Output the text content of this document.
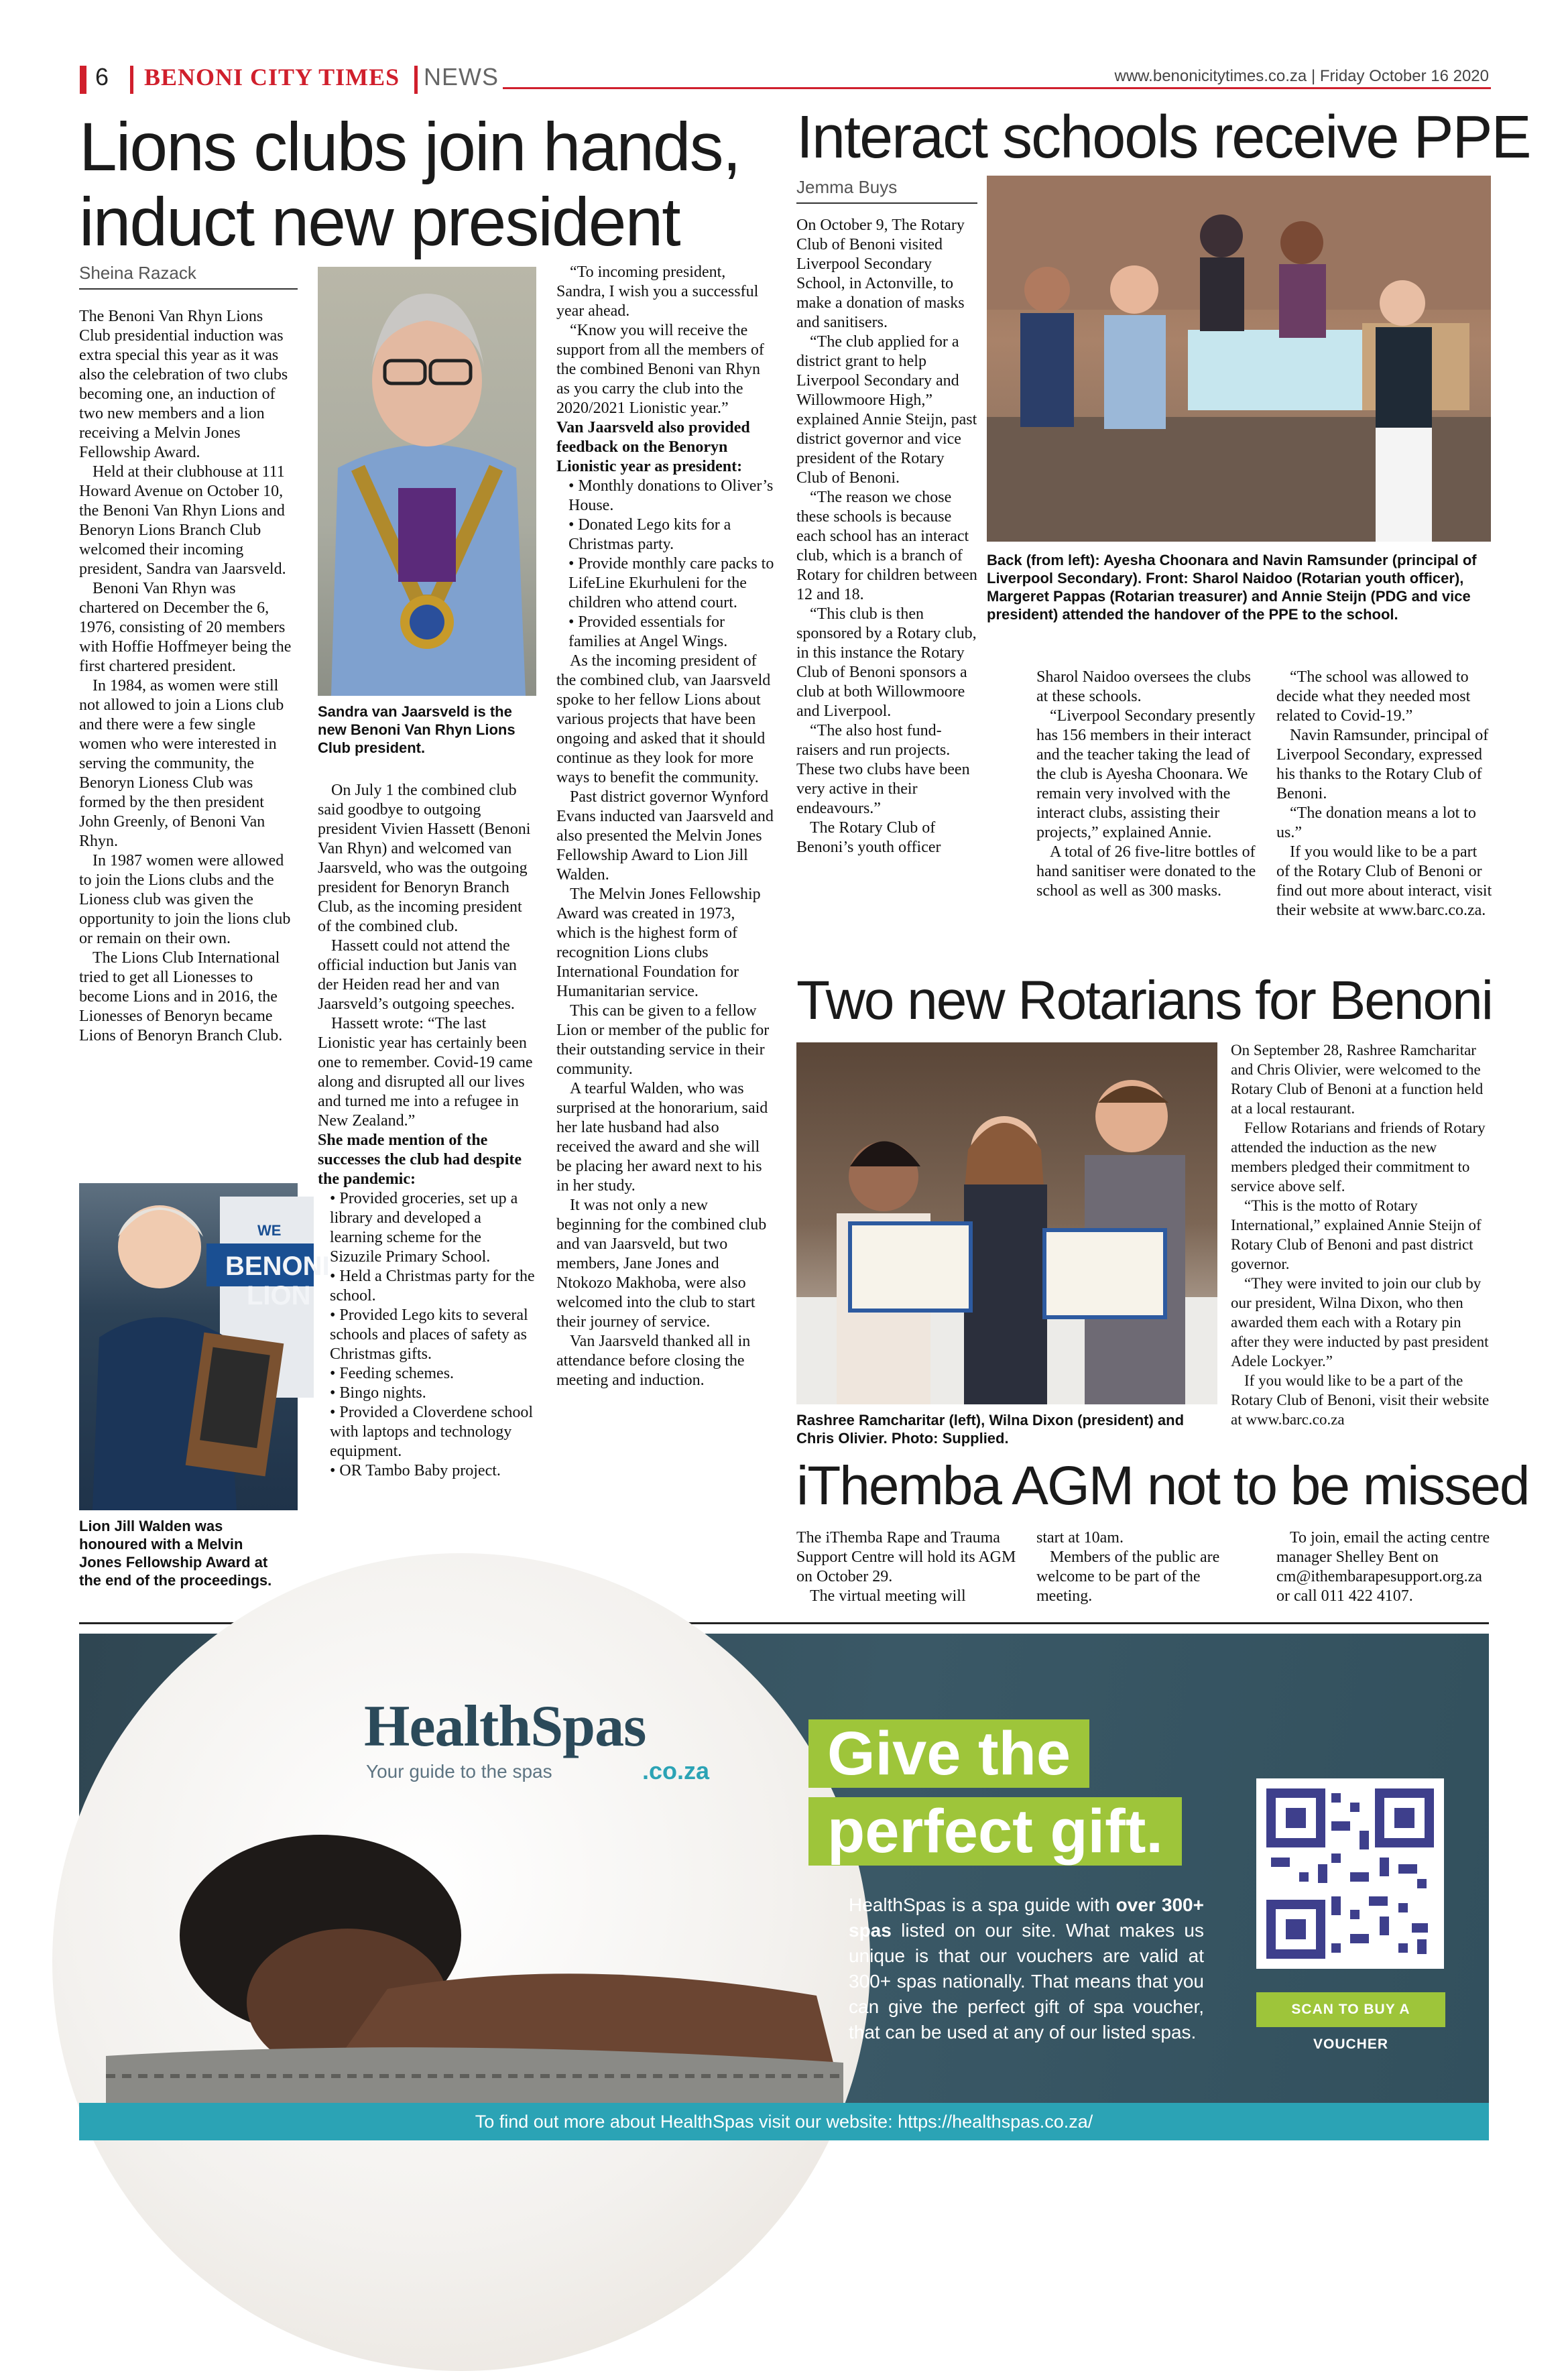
6 BENONI CITY TIMES NEWS	www.benonicitytimes.co.za | Friday October 16 2020
Lions clubs join hands,
induct new president
Sheina Razack

The Benoni Van Rhyn Lions Club presidential induction was extra special this year as it was also the celebration of two clubs becoming one, an induction of two new members and a lion receiving a Melvin Jones Fellowship Award.

Held at their clubhouse at 111 Howard Avenue on October 10, the Benoni Van Rhyn Lions and Benoryn Lions Branch Club welcomed their incoming president, Sandra van Jaarsveld.

Benoni Van Rhyn was chartered on December the 6, 1976, consisting of 20 members with Hoffie Hoffmeyer being the first chartered president.

In 1984, as women were still not allowed to join a Lions club and there were a few single women who were interested in serving the community, the Benoryn Lioness Club was formed by the then president John Greenly, of Benoni Van Rhyn.

In 1987 women were allowed to join the Lions clubs and the Lioness club was given the opportunity to join the lions club or remain on their own.

The Lions Club International tried to get all Lionesses to become Lions and in 2016, the Lionesses of Benoryn became Lions of Benoryn Branch Club.

BENONI
LION
WE
Lion Jill Walden was honoured with a Melvin Jones Fellowship Award at the end of the proceedings.
Sandra van Jaarsveld is the new Benoni Van Rhyn Lions Club president.

On July 1 the combined club said goodbye to outgoing president Vivien Hassett (Benoni Van Rhyn) and welcomed van Jaarsveld, who was the outgoing president for Benoryn Branch Club, as the incoming president of the combined club.

Hassett could not attend the official induction but Janis van der Heiden read her and van Jaarsveld’s outgoing speeches.

Hassett wrote: “The last Lionistic year has certainly been one to remember. Covid-19 came along and disrupted all our lives and turned me into a refugee in New Zealand.”

She made mention of the successes the club had despite the pandemic:

• Provided groceries, set up a library and developed a learning scheme for the Sizuzile Primary School.

• Held a Christmas party for the school.

• Provided Lego kits to several schools and places of safety as Christmas gifts.

• Feeding schemes.

• Bingo nights.

• Provided a Cloverdene school with laptops and technology equipment.

• OR Tambo Baby project.

“To incoming president, Sandra, I wish you a successful year ahead.

“Know you will receive the support from all the members of the combined Benoni van Rhyn as you carry the club into the 2020/2021 Lionistic year.”

Van Jaarsveld also provided feedback on the Benoryn Lionistic year as president:

• Monthly donations to Oliver’s House.

• Donated Lego kits for a Christmas party.

• Provide monthly care packs to LifeLine Ekurhuleni for the children who attend court.

• Provided essentials for families at Angel Wings.

As the incoming president of the combined club, van Jaarsveld spoke to her fellow Lions about various projects that have been ongoing and asked that it should continue as they look for more ways to benefit the community.

Past district governor Wynford Evans inducted van Jaarsveld and also presented the Melvin Jones Fellowship Award to Lion Jill Walden.

The Melvin Jones Fellowship Award was created in 1973, which is the highest form of recognition Lions clubs International Foundation for Humanitarian service.

This can be given to a fellow Lion or member of the public for their outstanding service in their community.

A tearful Walden, who was surprised at the honorarium, said her late husband had also received the award and she will be placing her award next to his in her study.

It was not only a new beginning for the combined club and van Jaarsveld, but two members, Jane Jones and Ntokozo Makhoba, were also welcomed into the club to start their journey of service.

Van Jaarsveld thanked all in attendance before closing the meeting and induction.

Interact schools receive PPE
Jemma Buys

On October 9, The Rotary Club of Benoni visited Liverpool Secondary School, in Actonville, to make a donation of masks and sanitisers.

“The club applied for a district grant to help Liverpool Secondary and Willowmoore High,” explained Annie Steijn, past district governor and vice president of the Rotary Club of Benoni.

“The reason we chose these schools is because each school has an interact club, which is a branch of Rotary for children between 12 and 18.

“This club is then sponsored by a Rotary club, in this instance the Rotary Club of Benoni sponsors a club at both Willowmoore and Liverpool.

“The also host fund-raisers and run projects. These two clubs have been very active in their endeavours.”

The Rotary Club of Benoni’s youth officer

Back (from left): Ayesha Choonara and Navin Ramsunder (principal of Liverpool Secondary). Front: Sharol Naidoo (Rotarian youth officer), Margeret Pappas (Rotarian treasurer) and Annie Steijn (PDG and vice president) attended the handover of the PPE to the school.

Sharol Naidoo oversees the clubs at these schools.

“Liverpool Secondary presently has 156 members in their interact and the teacher taking the lead of the club is Ayesha Choonara. We remain very involved with the interact clubs, assisting their projects,” explained Annie.

A total of 26 five-litre bottles of hand sanitiser were donated to the school as well as 300 masks.

“The school was allowed to decide what they needed most related to Covid-19.”

Navin Ramsunder, principal of Liverpool Secondary, expressed his thanks to the Rotary Club of Benoni.

“The donation means a lot to us.”

If you would like to be a part of the Rotary Club of Benoni or find out more about interact, visit their website at www.barc.co.za.

Two new Rotarians for Benoni
Rashree Ramcharitar (left), Wilna Dixon (president) and Chris Olivier. Photo: Supplied.

On September 28, Rashree Ramcharitar and Chris Olivier, were welcomed to the Rotary Club of Benoni at a function held at a local restaurant.

Fellow Rotarians and friends of Rotary attended the induction as the new members pledged their commitment to service above self.

“This is the motto of Rotary International,” explained Annie Steijn of Rotary Club of Benoni and past district governor.

“They were invited to join our club by our president, Wilna Dixon, who then awarded them each with a Rotary pin after they were inducted by past president Adele Lockyer.”

If you would like to be a part of the Rotary Club of Benoni, visit their website at www.barc.co.za

iThemba AGM not to be missed

The iThemba Rape and Trauma Support Centre will hold its AGM on October 29.

The virtual meeting will

start at 10am.

Members of the public are welcome to be part of the meeting.

To join, email the acting centre manager Shelley Bent on cm@ithembarapesupport.org.za or call 011 422 4107.

HealthSpas
Your guide to the spas	.co.za	Give the
perfect gift.
HealthSpas is a spa guide with over 300+ spas listed on our site. What makes us unique is that our vouchers are valid at 300+ spas nationally. That means that you can give the perfect gift of spa voucher, that can be used at any of our listed spas.
SCAN TO BUY A VOUCHER
To find out more about HealthSpas visit our website: https://healthspas.co.za/
